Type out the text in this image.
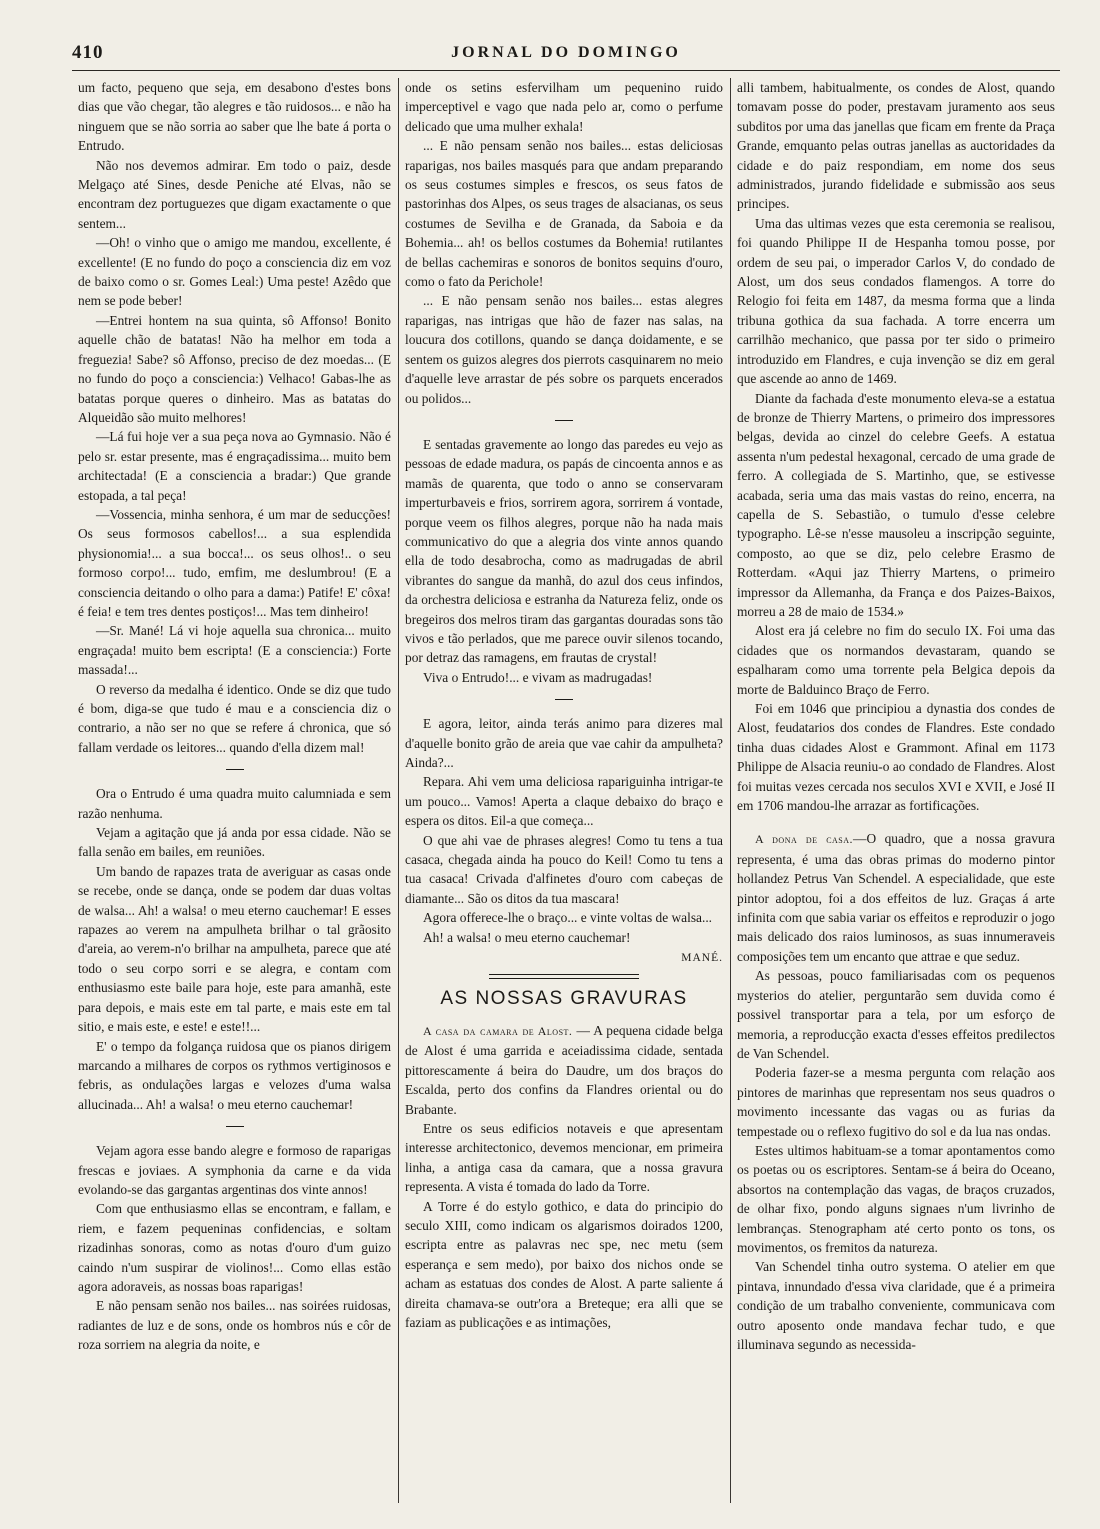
410	JORNAL DO DOMINGO

um facto, pequeno que seja, em desabono d'estes bons dias que vão chegar, tão alegres e tão ruidosos... e não ha ninguem que se não sorria ao saber que lhe bate á porta o Entrudo.

Não nos devemos admirar. Em todo o paiz, desde Melgaço até Sines, desde Peniche até Elvas, não se encontram dez portuguezes que digam exactamente o que sentem...

—Oh! o vinho que o amigo me mandou, excellente, é excellente! (E no fundo do poço a consciencia diz em voz de baixo como o sr. Gomes Leal:) Uma peste! Azêdo que nem se pode beber!

—Entrei hontem na sua quinta, sô Affonso! Bonito aquelle chão de batatas! Não ha melhor em toda a freguezia! Sabe? sô Affonso, preciso de dez moedas... (E no fundo do poço a consciencia:) Velhaco! Gabas-lhe as batatas porque queres o dinheiro. Mas as batatas do Alqueidão são muito melhores!

—Lá fui hoje ver a sua peça nova ao Gymnasio. Não é pelo sr. estar presente, mas é engraçadissima... muito bem architectada! (E a consciencia a bradar:) Que grande estopada, a tal peça!

—Vossencia, minha senhora, é um mar de seducções! Os seus formosos cabellos!... a sua esplendida physionomia!... a sua bocca!... os seus olhos!.. o seu formoso corpo!... tudo, emfim, me deslumbrou! (E a consciencia deitando o olho para a dama:) Patife! E' côxa! é feia! e tem tres dentes postiços!... Mas tem dinheiro!

—Sr. Mané! Lá vi hoje aquella sua chronica... muito engraçada! muito bem escripta! (E a consciencia:) Forte massada!...

O reverso da medalha é identico. Onde se diz que tudo é bom, diga-se que tudo é mau e a consciencia diz o contrario, a não ser no que se refere á chronica, que só fallam verdade os leitores... quando d'ella dizem mal!

Ora o Entrudo é uma quadra muito calumniada e sem razão nenhuma.

Vejam a agitação que já anda por essa cidade. Não se falla senão em bailes, em reuniões.

Um bando de rapazes trata de averiguar as casas onde se recebe, onde se dança, onde se podem dar duas voltas de walsa... Ah! a walsa! o meu eterno cauchemar! E esses rapazes ao verem na ampulheta brilhar o tal grãosito d'areia, ao verem-n'o brilhar na ampulheta, parece que até todo o seu corpo sorri e se alegra, e contam com enthusiasmo este baile para hoje, este para amanhã, este para depois, e mais este em tal parte, e mais este em tal sitio, e mais este, e este! e este!!...

E' o tempo da folgança ruidosa que os pianos dirigem marcando a milhares de corpos os rythmos vertiginosos e febris, as ondulações largas e velozes d'uma walsa allucinada... Ah! a walsa! o meu eterno cauchemar!

Vejam agora esse bando alegre e formoso de raparigas frescas e joviaes. A symphonia da carne e da vida evolando-se das gargantas argentinas dos vinte annos!

Com que enthusiasmo ellas se encontram, e fallam, e riem, e fazem pequeninas confidencias, e soltam rizadinhas sonoras, como as notas d'ouro d'um guizo caindo n'um suspirar de violinos!... Como ellas estão agora adoraveis, as nossas boas raparigas!

E não pensam senão nos bailes... nas soirées ruidosas, radiantes de luz e de sons, onde os hombros nús e côr de roza sorriem na alegria da noite, e

onde os setins esfervilham um pequenino ruido imperceptivel e vago que nada pelo ar, como o perfume delicado que uma mulher exhala!

... E não pensam senão nos bailes... estas deliciosas raparigas, nos bailes masqués para que andam preparando os seus costumes simples e frescos, os seus fatos de pastorinhas dos Alpes, os seus trages de alsacianas, os seus costumes de Sevilha e de Granada, da Saboia e da Bohemia... ah! os bellos costumes da Bohemia! rutilantes de bellas cachemiras e sonoros de bonitos sequins d'ouro, como o fato da Perichole!

... E não pensam senão nos bailes... estas alegres raparigas, nas intrigas que hão de fazer nas salas, na loucura dos cotillons, quando se dança doidamente, e se sentem os guizos alegres dos pierrots casquinarem no meio d'aquelle leve arrastar de pés sobre os parquets encerados ou polidos...

E sentadas gravemente ao longo das paredes eu vejo as pessoas de edade madura, os papás de cincoenta annos e as mamãs de quarenta, que todo o anno se conservaram imperturbaveis e frios, sorrirem agora, sorrirem á vontade, porque veem os filhos alegres, porque não ha nada mais communicativo do que a alegria dos vinte annos quando ella de todo desabrocha, como as madrugadas de abril vibrantes do sangue da manhã, do azul dos ceus infindos, da orchestra deliciosa e estranha da Natureza feliz, onde os bregeiros dos melros tiram das gargantas douradas sons tão vivos e tão perlados, que me parece ouvir silenos tocando, por detraz das ramagens, em frautas de crystal!

Viva o Entrudo!... e vivam as madrugadas!

E agora, leitor, ainda terás animo para dizeres mal d'aquelle bonito grão de areia que vae cahir da ampulheta? Ainda?...

Repara. Ahi vem uma deliciosa rapariguinha intrigar-te um pouco... Vamos! Aperta a claque debaixo do braço e espera os ditos. Eil-a que começa...

O que ahi vae de phrases alegres! Como tu tens a tua casaca, chegada ainda ha pouco do Keil! Como tu tens a tua casaca! Crivada d'alfinetes d'ouro com cabeças de diamante... São os ditos da tua mascara!

Agora offerece-lhe o braço... e vinte voltas de walsa...

Ah! a walsa! o meu eterno cauchemar!

MANÉ.
AS NOSSAS GRAVURAS

A casa da camara de Alost. — A pequena cidade belga de Alost é uma garrida e aceiadissima cidade, sentada pittorescamente á beira do Daudre, um dos braços do Escalda, perto dos confins da Flandres oriental ou do Brabante.

Entre os seus edificios notaveis e que apresentam interesse architectonico, devemos mencionar, em primeira linha, a antiga casa da camara, que a nossa gravura representa. A vista é tomada do lado da Torre.

A Torre é do estylo gothico, e data do principio do seculo XIII, como indicam os algarismos doirados 1200, escripta entre as palavras nec spe, nec metu (sem esperança e sem medo), por baixo dos nichos onde se acham as estatuas dos condes de Alost. A parte saliente á direita chamava-se outr'ora a Breteque; era alli que se faziam as publicações e as intimações,

alli tambem, habitualmente, os condes de Alost, quando tomavam posse do poder, prestavam juramento aos seus subditos por uma das janellas que ficam em frente da Praça Grande, emquanto pelas outras janellas as auctoridades da cidade e do paiz respondiam, em nome dos seus administrados, jurando fidelidade e submissão aos seus principes.

Uma das ultimas vezes que esta ceremonia se realisou, foi quando Philippe II de Hespanha tomou posse, por ordem de seu pai, o imperador Carlos V, do condado de Alost, um dos seus condados flamengos. A torre do Relogio foi feita em 1487, da mesma forma que a linda tribuna gothica da sua fachada. A torre encerra um carrilhão mechanico, que passa por ter sido o primeiro introduzido em Flandres, e cuja invenção se diz em geral que ascende ao anno de 1469.

Diante da fachada d'este monumento eleva-se a estatua de bronze de Thierry Martens, o primeiro dos impressores belgas, devida ao cinzel do celebre Geefs. A estatua assenta n'um pedestal hexagonal, cercado de uma grade de ferro. A collegiada de S. Martinho, que, se estivesse acabada, seria uma das mais vastas do reino, encerra, na capella de S. Sebastião, o tumulo d'esse celebre typographo. Lê-se n'esse mausoleu a inscripção seguinte, composto, ao que se diz, pelo celebre Erasmo de Rotterdam. «Aqui jaz Thierry Martens, o primeiro impressor da Allemanha, da França e dos Paizes-Baixos, morreu a 28 de maio de 1534.»

Alost era já celebre no fim do seculo IX. Foi uma das cidades que os normandos devastaram, quando se espalharam como uma torrente pela Belgica depois da morte de Balduinco Braço de Ferro.

Foi em 1046 que principiou a dynastia dos condes de Alost, feudatarios dos condes de Flandres. Este condado tinha duas cidades Alost e Grammont. Afinal em 1173 Philippe de Alsacia reuniu-o ao condado de Flandres. Alost foi muitas vezes cercada nos seculos XVI e XVII, e José II em 1706 mandou-lhe arrazar as fortificações.

A dona de casa.—O quadro, que a nossa gravura representa, é uma das obras primas do moderno pintor hollandez Petrus Van Schendel. A especialidade, que este pintor adoptou, foi a dos effeitos de luz. Graças á arte infinita com que sabia variar os effeitos e reproduzir o jogo mais delicado dos raios luminosos, as suas innumeraveis composições tem um encanto que attrae e que seduz.

As pessoas, pouco familiarisadas com os pequenos mysterios do atelier, perguntarão sem duvida como é possivel transportar para a tela, por um esforço de memoria, a reproducção exacta d'esses effeitos predilectos de Van Schendel.

Poderia fazer-se a mesma pergunta com relação aos pintores de marinhas que representam nos seus quadros o movimento incessante das vagas ou as furias da tempestade ou o reflexo fugitivo do sol e da lua nas ondas.

Estes ultimos habituam-se a tomar apontamentos como os poetas ou os escriptores. Sentam-se á beira do Oceano, absortos na contemplação das vagas, de braços cruzados, de olhar fixo, pondo alguns signaes n'um livrinho de lembranças. Stenographam até certo ponto os tons, os movimentos, os fremitos da natureza.

Van Schendel tinha outro systema. O atelier em que pintava, innundado d'essa viva claridade, que é a primeira condição de um trabalho conveniente, communicava com outro aposento onde mandava fechar tudo, e que illuminava segundo as necessida-
